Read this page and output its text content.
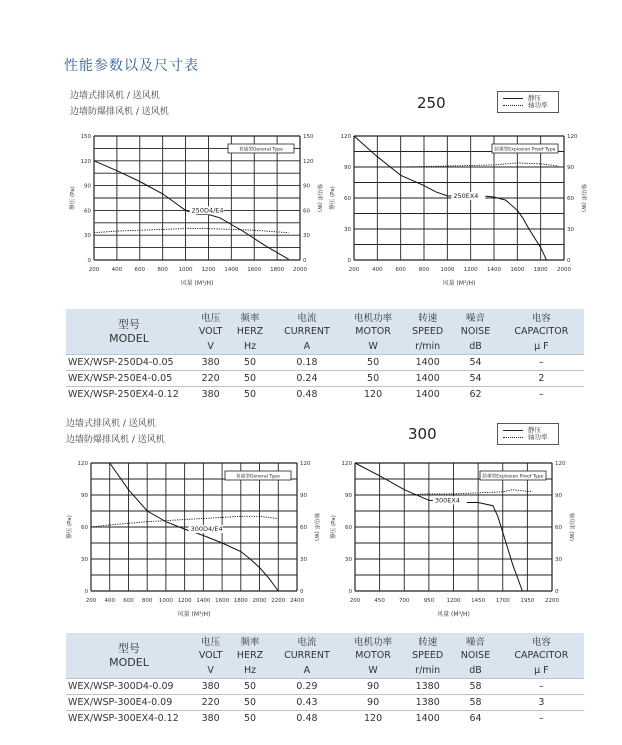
性能参数以及尺寸表
边墙式排风机 / 送风机
边墙防爆排风机 / 送风机	250	静压
轴功率
200 400 600 800 1000 1200 1400 1600 1800 2000
0	0
30	30
60	60
90	90
120	120
150	150
风量 (M³/H)
静压 (Pa)	轴功率 (W)
普通型General Type
250D4/E4
200 400 600 800 1000 1200 1400 1600 1800 2000
0	0
30	30
60	60
90	90
120	120
风量 (M³/H)
静压 (Pa)	轴功率 (W)
防爆型Explosion Proof Type
250EX4
型号
MODEL	电压	频率	电流	电机功率	转速	噪音	电容
	VOLT	HERZ	CURRENT	MOTOR	SPEED	NOISE	CAPACITOR
	V	Hz	A	W	r/min	dB	μ F
WEX/WSP-250D4-0.05	380	50	0.18	50	1400	54	–
WEX/WSP-250E4-0.05	220	50	0.24	50	1400	54	2
WEX/WSP-250EX4-0.12	380	50	0.48	120	1400	62	–
边墙式排风机 / 送风机
边墙防爆排风机 / 送风机	300	静压
轴功率
200 400 600 800 1000 1200 1400 1600 1800 2000 2200 2400
0	0
30	30
60	60
90	90
120	120
风量 (M³/H)
静压 (Pa)	轴功率 (W)
普通型General Type
300D4/E4
200	450	700	950 1200 1450 1700 1950 2200
0	0
30	30
60	60
90	90
120	120
风量 (M³/H)
静压 (Pa)	轴功率 (W)
防爆型Explosion Proof Type
300EX4
型号
MODEL	电压	频率	电流	电机功率	转速	噪音	电容
	VOLT	HERZ	CURRENT	MOTOR	SPEED	NOISE	CAPACITOR
	V	Hz	A	W	r/min	dB	μ F
WEX/WSP-300D4-0.09	380	50	0.29	90	1380	58	–
WEX/WSP-300E4-0.09	220	50	0.43	90	1380	58	3
WEX/WSP-300EX4-0.12	380	50	0.48	120	1400	64	–
